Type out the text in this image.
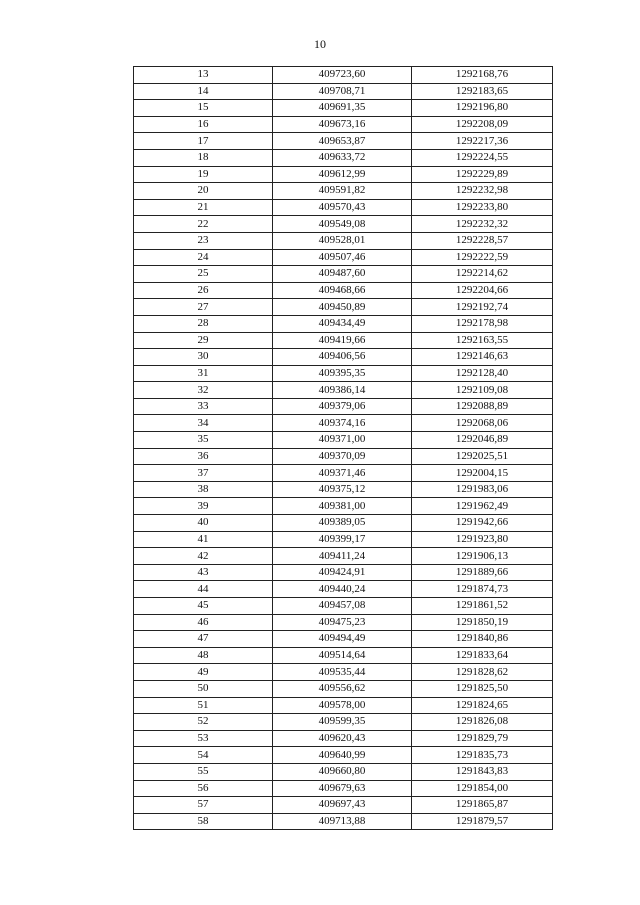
10
13	409723,60	1292168,76
14	409708,71	1292183,65
15	409691,35	1292196,80
16	409673,16	1292208,09
17	409653,87	1292217,36
18	409633,72	1292224,55
19	409612,99	1292229,89
20	409591,82	1292232,98
21	409570,43	1292233,80
22	409549,08	1292232,32
23	409528,01	1292228,57
24	409507,46	1292222,59
25	409487,60	1292214,62
26	409468,66	1292204,66
27	409450,89	1292192,74
28	409434,49	1292178,98
29	409419,66	1292163,55
30	409406,56	1292146,63
31	409395,35	1292128,40
32	409386,14	1292109,08
33	409379,06	1292088,89
34	409374,16	1292068,06
35	409371,00	1292046,89
36	409370,09	1292025,51
37	409371,46	1292004,15
38	409375,12	1291983,06
39	409381,00	1291962,49
40	409389,05	1291942,66
41	409399,17	1291923,80
42	409411,24	1291906,13
43	409424,91	1291889,66
44	409440,24	1291874,73
45	409457,08	1291861,52
46	409475,23	1291850,19
47	409494,49	1291840,86
48	409514,64	1291833,64
49	409535,44	1291828,62
50	409556,62	1291825,50
51	409578,00	1291824,65
52	409599,35	1291826,08
53	409620,43	1291829,79
54	409640,99	1291835,73
55	409660,80	1291843,83
56	409679,63	1291854,00
57	409697,43	1291865,87
58	409713,88	1291879,57
